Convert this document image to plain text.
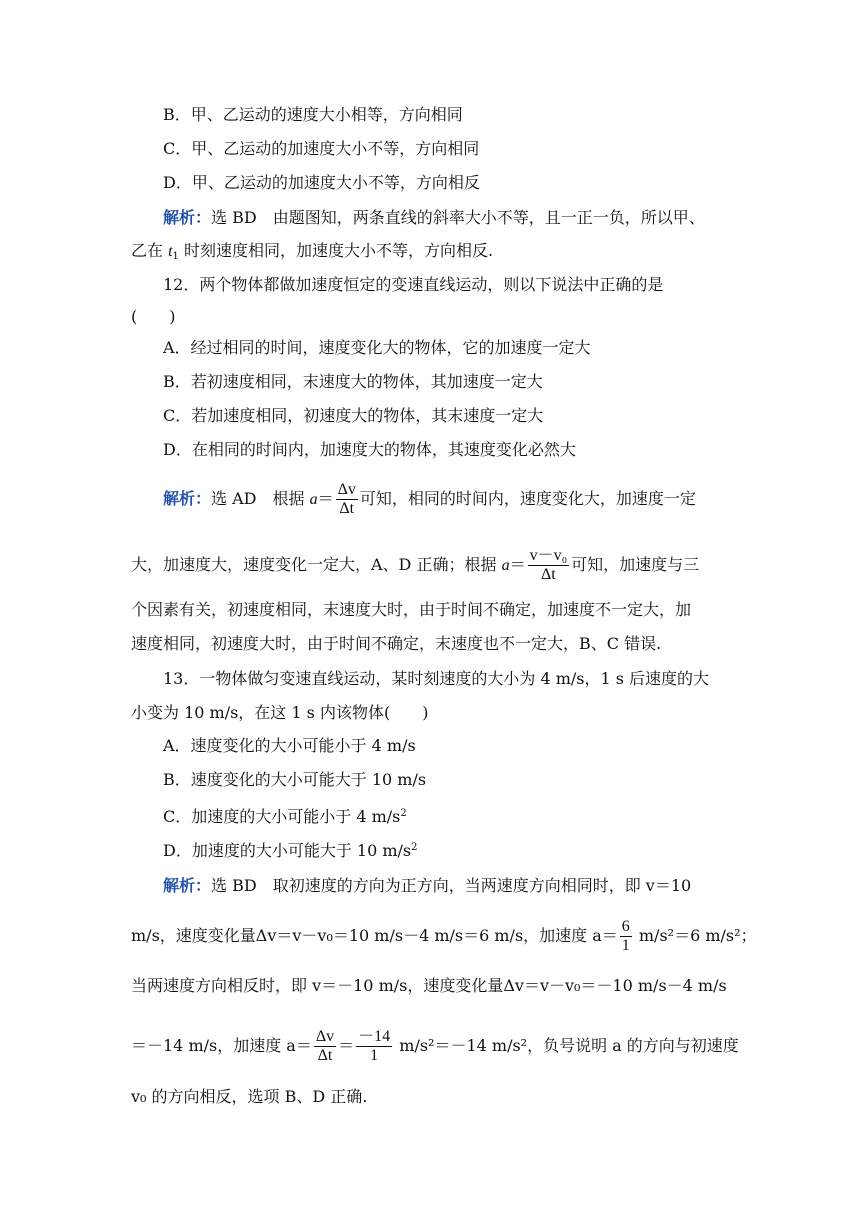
B．甲、乙运动的速度大小相等，方向相同
C．甲、乙运动的加速度大小不等，方向相同
D．甲、乙运动的加速度大小不等，方向相反
解析：选 BD　由题图知，两条直线的斜率大小不等，且一正一负，所以甲、
乙在 $t_1$ 时刻速度相同，加速度大小不等，方向相反.
12．两个物体都做加速度恒定的变速直线运动，则以下说法中正确的是
(　　)
A．经过相同的时间，速度变化大的物体，它的加速度一定大
B．若初速度相同，末速度大的物体，其加速度一定大
C．若加速度相同，初速度大的物体，其末速度一定大
D．在相同的时间内，加速度大的物体，其速度变化必然大
解析：选 AD　根据 $a= \frac{\Delta v}{\Delta t}$ 可知，相同的时间内，速度变化大，加速度一定
大，加速度大，速度变化一定大，A、D 正确；根据 $a= \frac{\text{v－v₀}}{\Delta t}$ 可知，加速度与三
个因素有关，初速度相同，末速度大时，由于时间不确定，加速度不一定大，加
速度相同，初速度大时，由于时间不确定，末速度也不一定大，B、C 错误.
13．一物体做匀变速直线运动，某时刻速度的大小为 4 m/s，1 s 后速度的大
小变为 10 m/s，在这 1 s 内该物体(　　)
A．速度变化的大小可能小于 4 m/s
B．速度变化的大小可能大于 10 m/s
C．加速度的大小可能小于 4 $m/s^2$
D．加速度的大小可能大于 10 $m/s^2$
解析：选 BD　取初速度的方向为正方向，当两速度方向相同时，即 v＝10
m/s，速度变化量Δv＝v－v₀＝10 m/s－4 m/s＝6 m/s，加速度 $a= \frac{6}{1} m/s^2=6$ m/s²；
当两速度方向相反时，即 v＝－10 m/s，速度变化量Δv＝v－v₀＝－10 m/s－4 m/s
＝－14 m/s，加速度 $a= \frac{\Delta v}{\Delta t} = \frac{-14}{1} m/s^2=-14$ m/s²，负号说明 a 的方向与初速度
v₀ 的方向相反，选项 B、D 正确.
